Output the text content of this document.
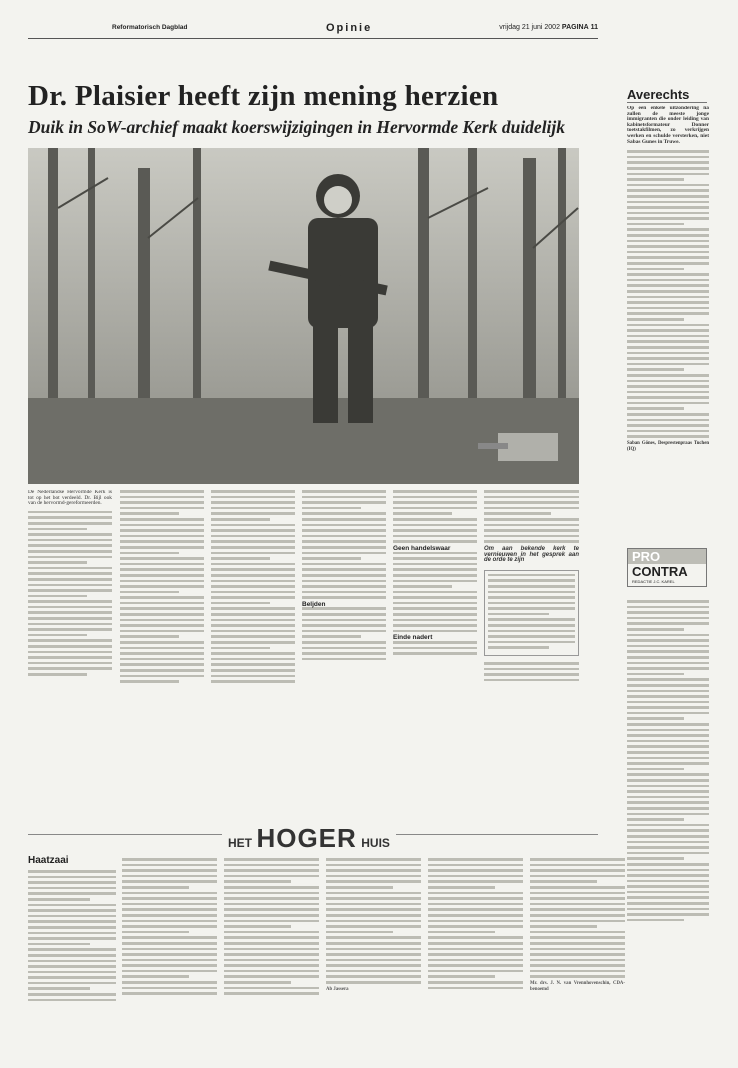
Reformatorisch Dagblad	Opinie	vrijdag 21 juni 2002 PAGINA 11
Dr. Plaisier heeft zijn mening herzien
Duik in SoW-archief maakt koerswijzigingen in Hervormde Kerk duidelijk
De Nederlandse Hervormde Kerk is tot op het bot verdeeld. Dr. Bijl ook van de hervormd-gereformeerden.
Beljden
Geen handelswaar
Einde nadert
Om aan bekende kerk te vernieuwen in het gesprek aan de orde te zijn
Averechts
Op een enkele uitzondering na zullen de meeste jonge immigranten die onder leiding van kabinetsformateur Donner toetstakfilmen, zo verkrijgen werken en schulde versterken, niet Sabas Gunes in Truwe.
Saban Gönes, Desprestenpraas Tuchen (IQ)
PRO
CONTRA
REDACTIE J.C. KAREL
HET HOGER HUIS
Haatzaai
Ab Jassera
Mr. drs. J. N. van Vrennhovenschin, CDA-benoemd
